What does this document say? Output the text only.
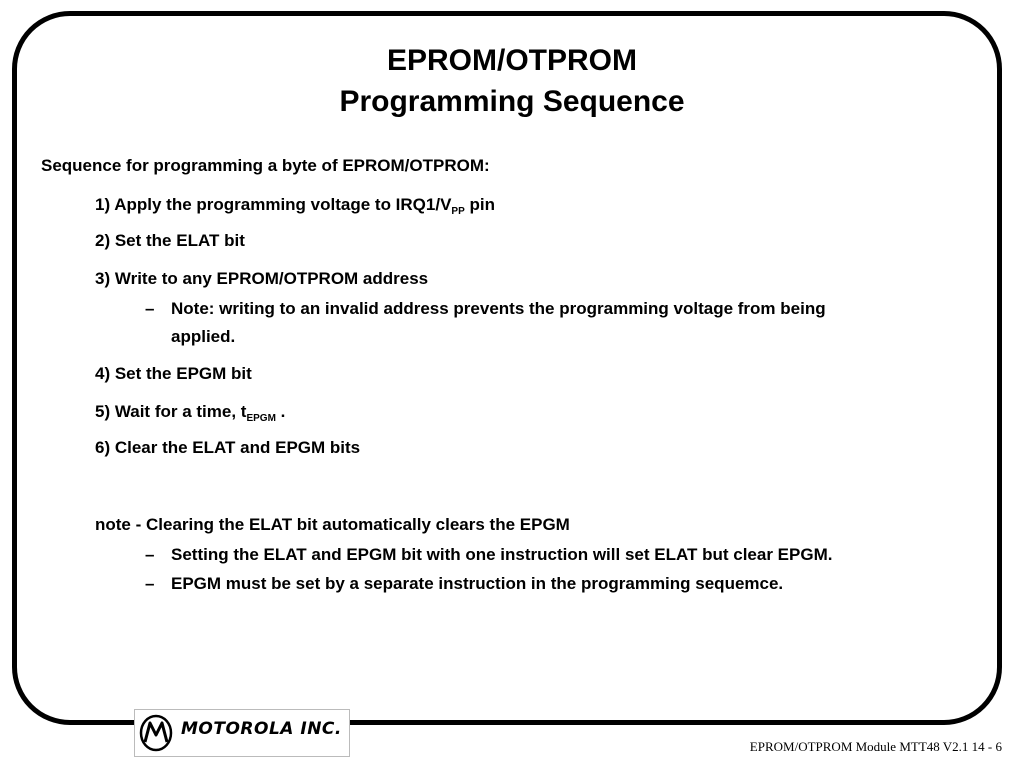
EPROM/OTPROM
Programming Sequence
Sequence for programming a byte of EPROM/OTPROM:
1) Apply the programming voltage to $IRQ1/V_{PP}$ pin
2) Set the ELAT bit
3) Write to any EPROM/OTPROM address
– Note: writing to an invalid address prevents the programming voltage from being
applied.
4) Set the EPGM bit
5) Wait for a time, $t_{EPGM}$ .
6) Clear the ELAT and EPGM bits
note - Clearing the ELAT bit automatically clears the EPGM
– Setting the ELAT and EPGM bit with one instruction will set ELAT but clear EPGM.
– EPGM must be set by a separate instruction in the programming sequemce.
MOTOROLA INC.
EPROM/OTPROM Module MTT48 V2.1 14 - 6
